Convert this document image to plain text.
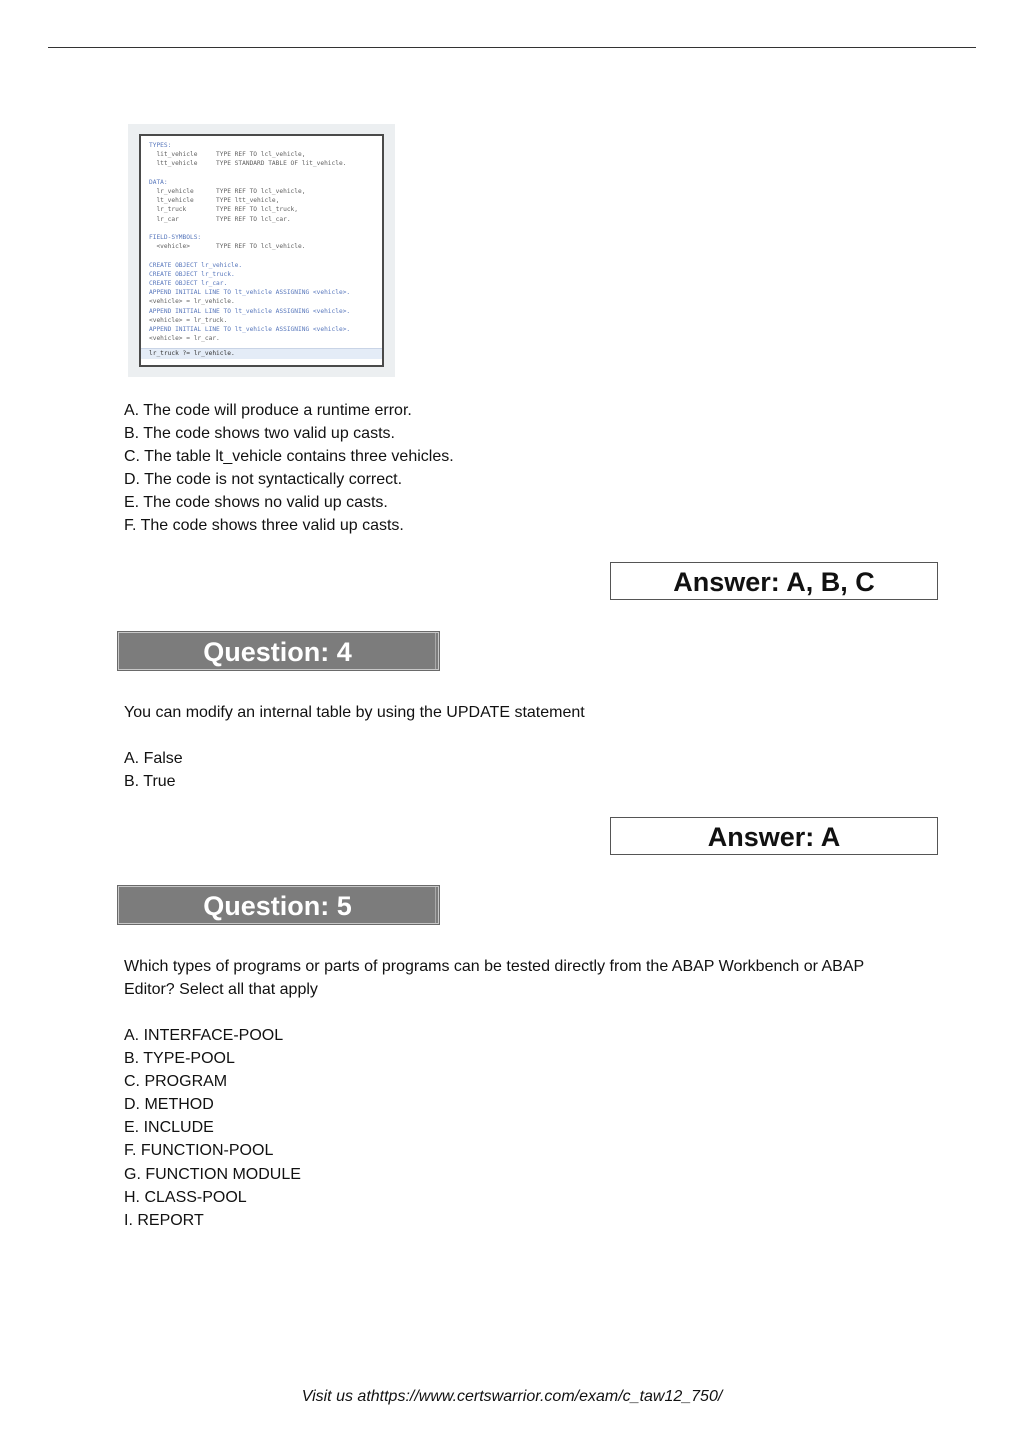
TYPES:
lit_vehicle     TYPE REF TO lcl_vehicle,
ltt_vehicle     TYPE STANDARD TABLE OF lit_vehicle.
DATA:
lr_vehicle      TYPE REF TO lcl_vehicle,
lt_vehicle      TYPE ltt_vehicle,
lr_truck        TYPE REF TO lcl_truck,
lr_car          TYPE REF TO lcl_car.
FIELD-SYMBOLS:
<vehicle>       TYPE REF TO lcl_vehicle.
CREATE OBJECT lr_vehicle.
CREATE OBJECT lr_truck.
CREATE OBJECT lr_car.
APPEND INITIAL LINE TO lt_vehicle ASSIGNING <vehicle>.
<vehicle> = lr_vehicle.
APPEND INITIAL LINE TO lt_vehicle ASSIGNING <vehicle>.
<vehicle> = lr_truck.
APPEND INITIAL LINE TO lt_vehicle ASSIGNING <vehicle>.
<vehicle> = lr_car.
lr_truck ?= lr_vehicle.
A. The code will produce a runtime error.
B. The code shows two valid up casts.
C. The table lt_vehicle contains three vehicles.
D. The code is not syntactically correct.
E. The code shows no valid up casts.
F. The code shows three valid up casts.
Answer: A, B, C
Question: 4
You can modify an internal table by using the UPDATE statement
A. False
B. True
Answer: A
Question: 5
Which types of programs or parts of programs can be tested directly from the ABAP Workbench or ABAP
Editor? Select all that apply
A. INTERFACE-POOL
B. TYPE-POOL
C. PROGRAM
D. METHOD
E. INCLUDE
F. FUNCTION-POOL
G. FUNCTION MODULE
H. CLASS-POOL
I. REPORT
Visit us athttps://www.certswarrior.com/exam/c_taw12_750/
